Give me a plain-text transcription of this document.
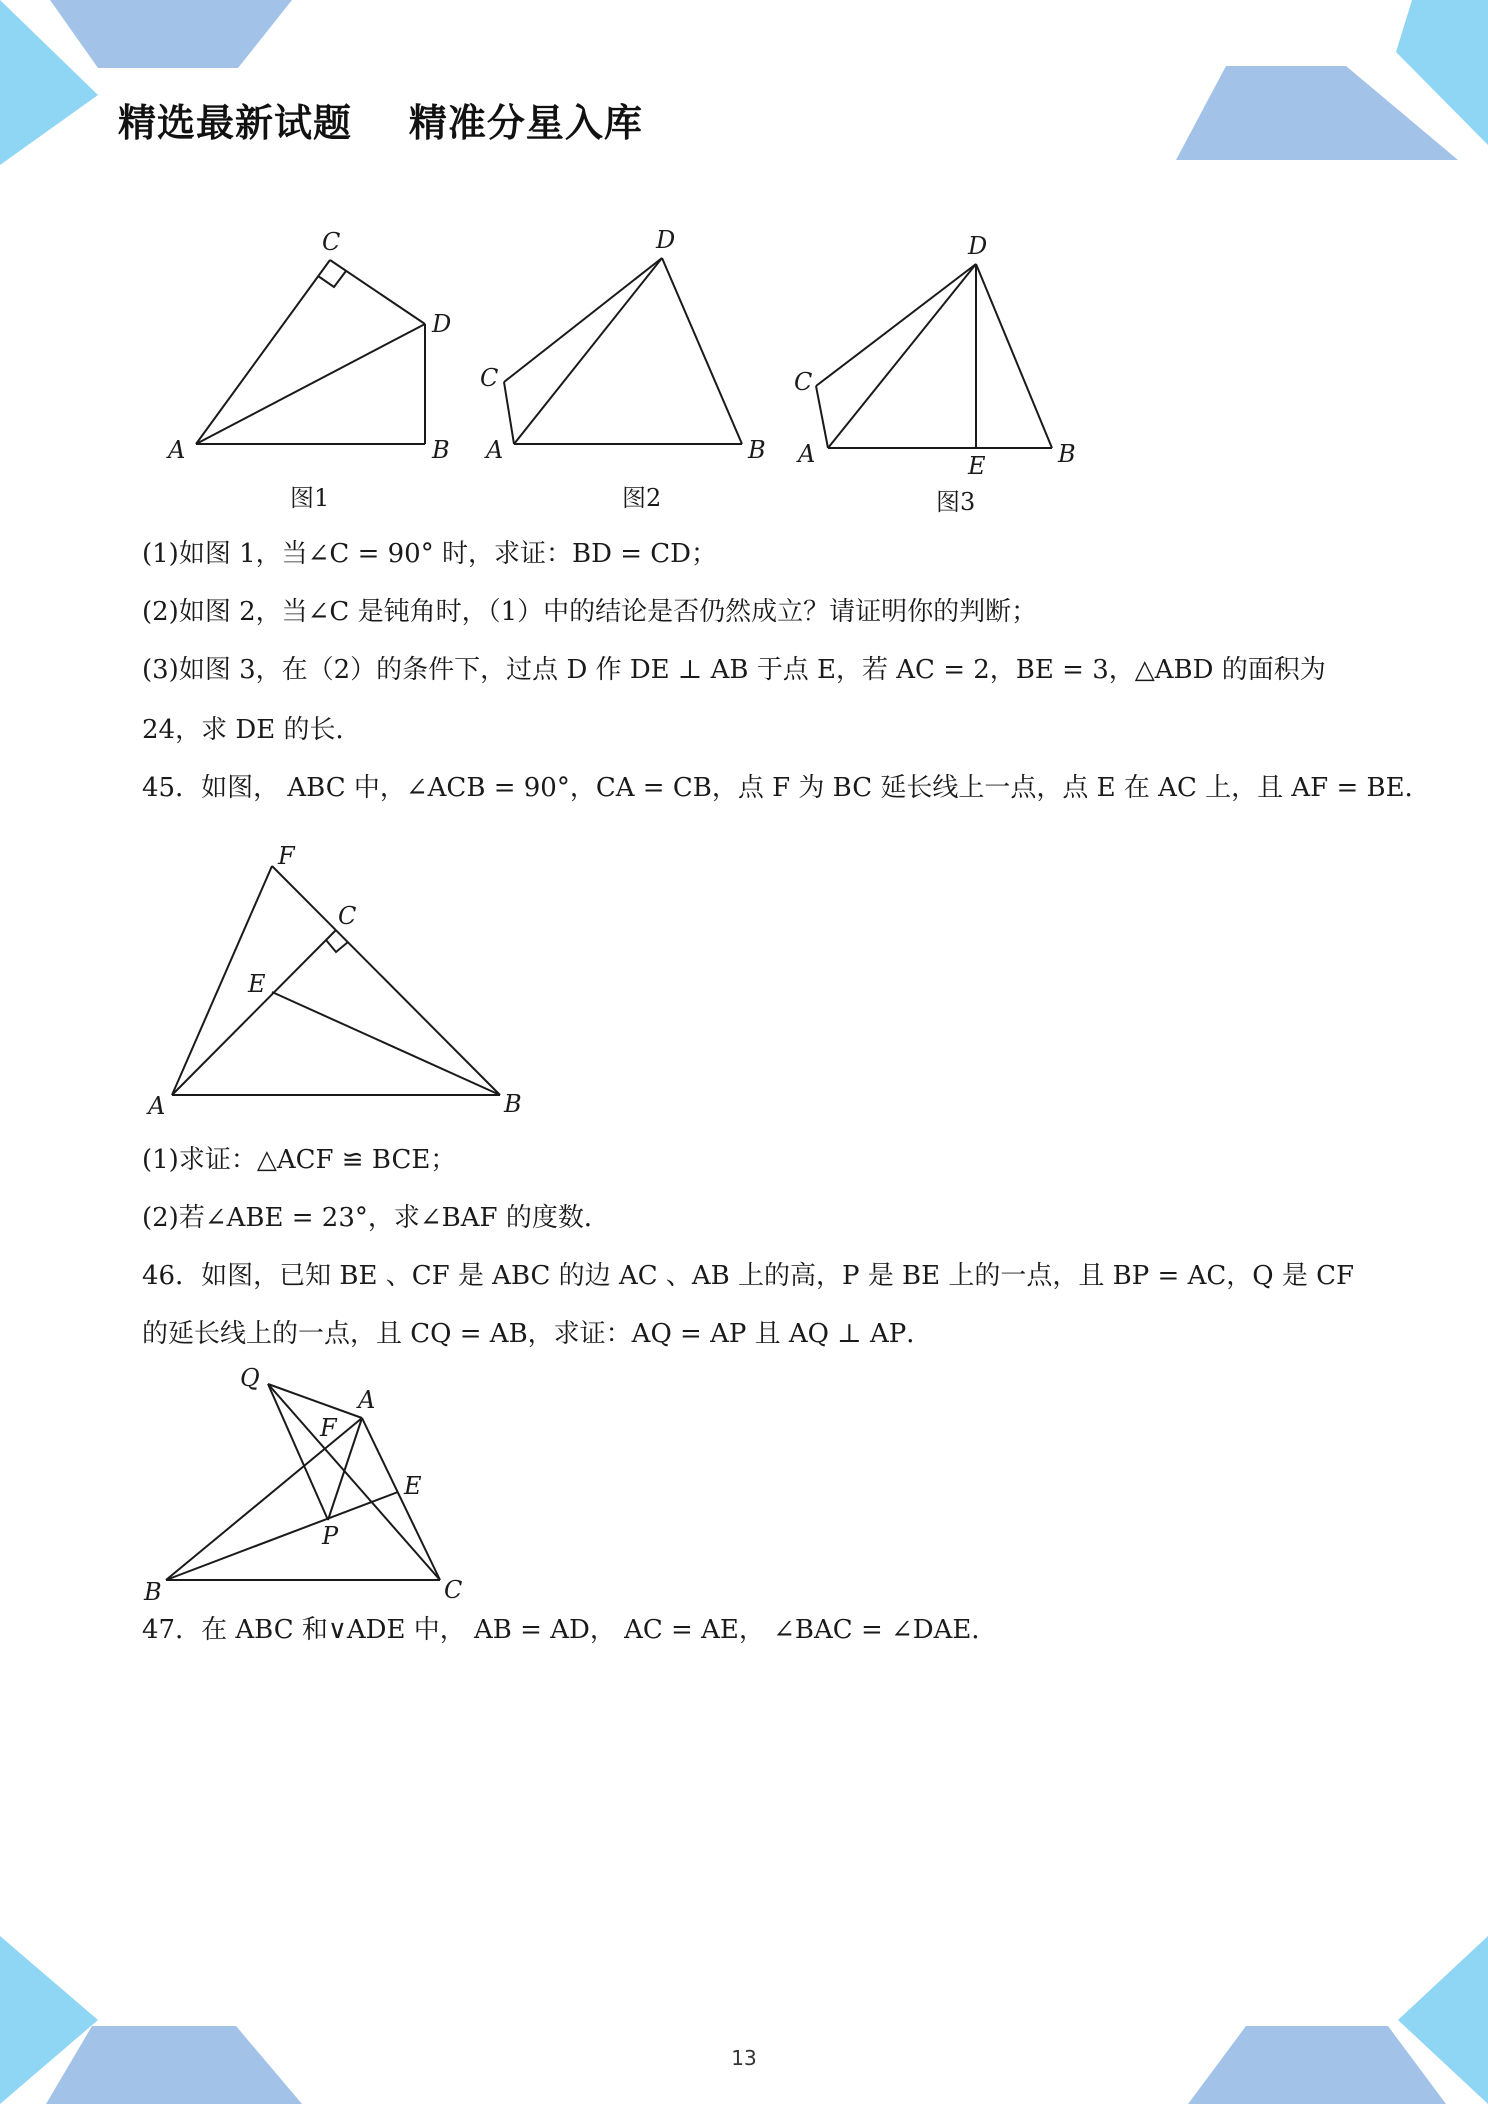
精选最新试题    精准分星入库
A	B
C
D
图1
A	B
C
D
图2
A	B
C
D
E
图3
(1)如图 1，当∠C = 90° 时，求证：BD = CD；
(2)如图 2，当∠C 是钝角时，（1）中的结论是否仍然成立？请证明你的判断；
(3)如图 3，在（2）的条件下，过点 D 作 DE ⊥ AB 于点 E，若 AC = 2，BE = 3，△ABD 的面积为
24，求 DE 的长．
45．如图， ABC 中，∠ACB = 90°，CA = CB，点 F 为 BC 延长线上一点，点 E 在 AC 上，且 AF = BE．
A	B
C
E
F
(1)求证：△ACF ≌ BCE；
(2)若∠ABE = 23°，求∠BAF 的度数．
46．如图，已知 BE 、CF 是 ABC 的边 AC 、AB 上的高，P 是 BE 上的一点，且 BP = AC，Q 是 CF
的延长线上的一点，且 CQ = AB，求证：AQ = AP 且 AQ ⊥ AP．
Q
A
F
E
P
B	C
47．在 ABC 和∨ADE 中， AB = AD， AC = AE， ∠BAC = ∠DAE．
13
